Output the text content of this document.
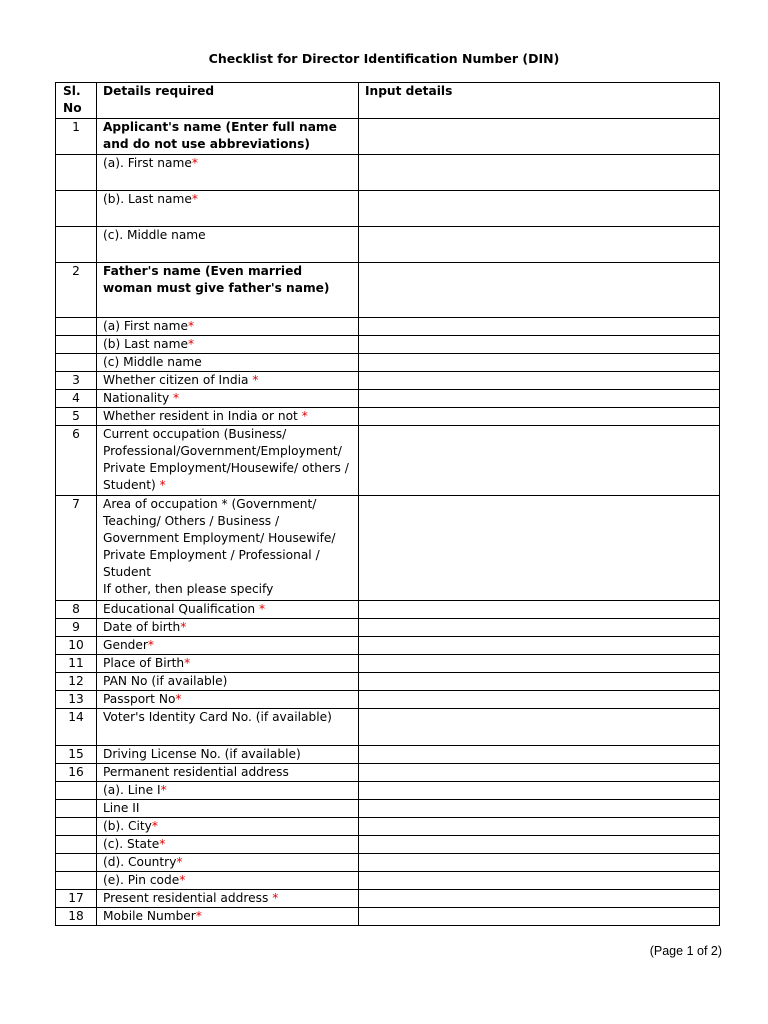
Checklist for Director Identification Number (DIN)
Sl. No	Details required	Input details
1	Applicant's name (Enter full name and do not use abbreviations)	
	(a). First name*	
	(b). Last name*	
	(c). Middle name	
2	Father's name (Even married woman must give father's name)	
	(a) First name*	
	(b) Last name*	
	(c) Middle name	
3	Whether citizen of India *	
4	Nationality *	
5	Whether resident in India or not *	
6	Current occupation (Business/ Professional/Government/Employment/ Private Employment/Housewife/ others / Student) *	
7	Area of occupation * (Government/ Teaching/ Others / Business / Government Employment/ Housewife/ Private Employment / Professional / Student
If other, then please specify	
8	Educational Qualification *	
9	Date of birth*	
10	Gender*	
11	Place of Birth*	
12	PAN No (if available)	
13	Passport No*	
14	Voter's Identity Card No. (if available)	
15	Driving License No. (if available)	
16	Permanent residential address	
	(a). Line I*	
	Line II	
	(b). City*	
	(c). State*	
	(d). Country*	
	(e). Pin code*	
17	Present residential address *	
18	Mobile Number*	
(Page 1 of 2)
